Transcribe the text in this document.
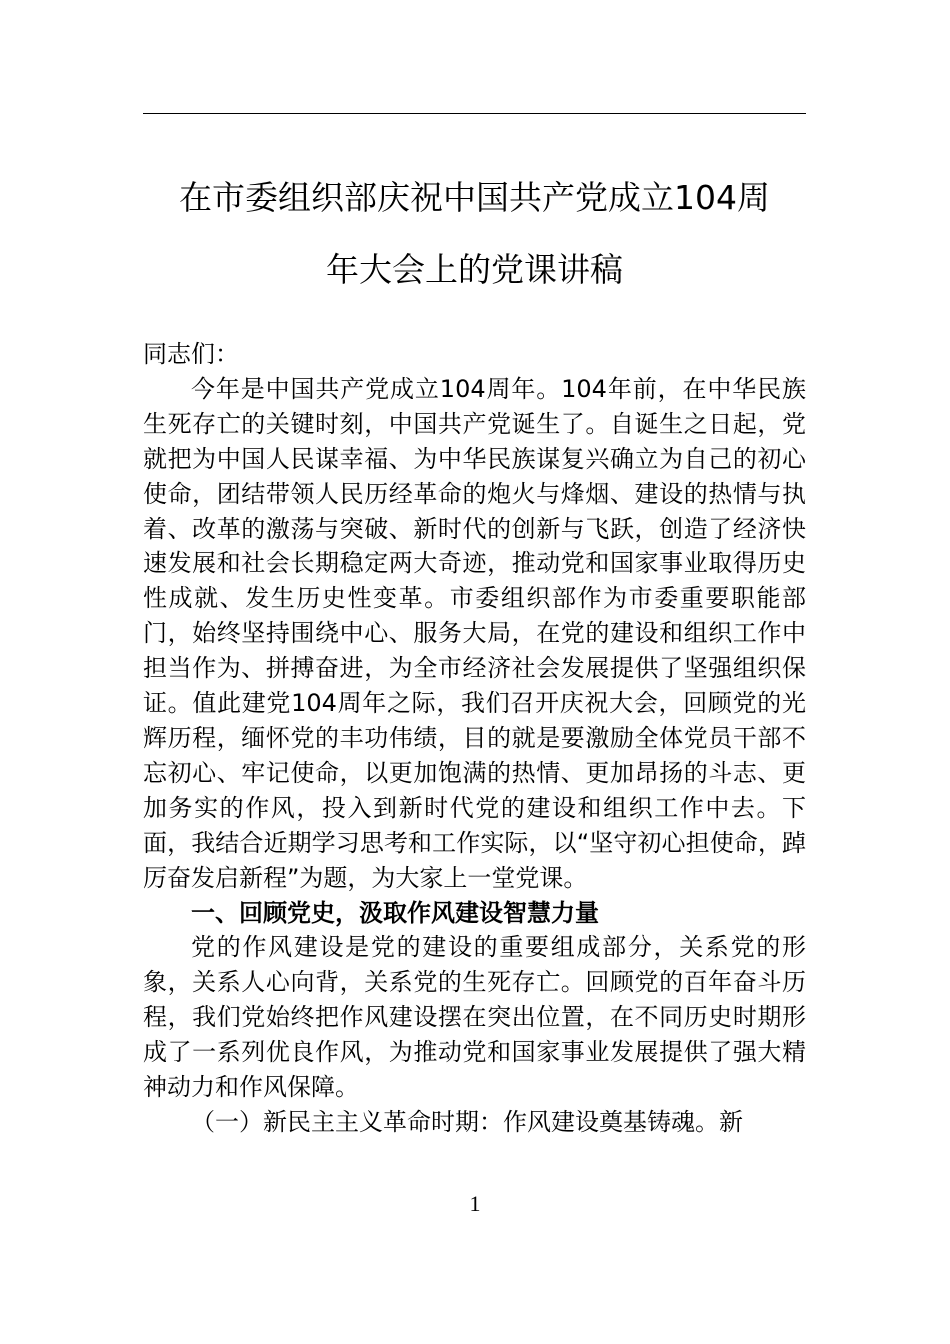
在市委组织部庆祝中国共产党成立104周
年大会上的党课讲稿

同志们：

今年是中国共产党成立104周年。104年前，在中华民族生死存亡的关键时刻，中国共产党诞生了。自诞生之日起，党就把为中国人民谋幸福、为中华民族谋复兴确立为自己的初心使命，团结带领人民历经革命的炮火与烽烟、建设的热情与执着、改革的激荡与突破、新时代的创新与飞跃，创造了经济快速发展和社会长期稳定两大奇迹，推动党和国家事业取得历史性成就、发生历史性变革。市委组织部作为市委重要职能部门，始终坚持围绕中心、服务大局，在党的建设和组织工作中担当作为、拼搏奋进，为全市经济社会发展提供了坚强组织保证。值此建党104周年之际，我们召开庆祝大会，回顾党的光辉历程，缅怀党的丰功伟绩，目的就是要激励全体党员干部不忘初心、牢记使命，以更加饱满的热情、更加昂扬的斗志、更加务实的作风，投入到新时代党的建设和组织工作中去。下面，我结合近期学习思考和工作实际，以“坚守初心担使命，踔厉奋发启新程”为题，为大家上一堂党课。

一、回顾党史，汲取作风建设智慧力量

党的作风建设是党的建设的重要组成部分，关系党的形象，关系人心向背，关系党的生死存亡。回顾党的百年奋斗历程，我们党始终把作风建设摆在突出位置，在不同历史时期形成了一系列优良作风，为推动党和国家事业发展提供了强大精神动力和作风保障。

（一）新民主主义革命时期：作风建设奠基铸魂。新

1
